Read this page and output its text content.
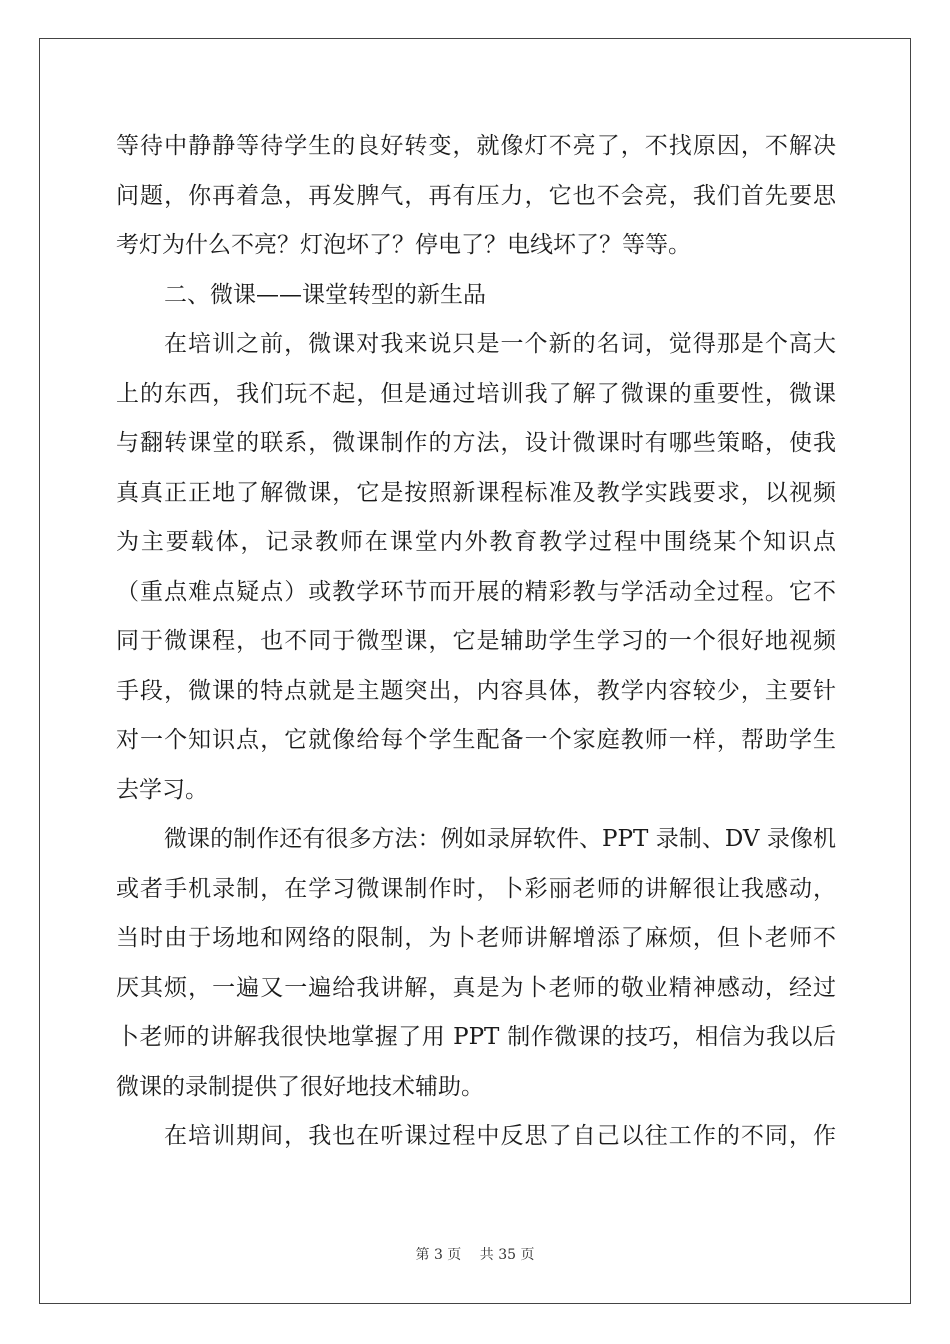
等待中静静等待学生的良好转变，就像灯不亮了，不找原因，不解决
问题，你再着急，再发脾气，再有压力，它也不会亮，我们首先要思
考灯为什么不亮？灯泡坏了？停电了？电线坏了？等等。
二、微课——课堂转型的新生品
在培训之前，微课对我来说只是一个新的名词，觉得那是个高大
上的东西，我们玩不起，但是通过培训我了解了微课的重要性，微课
与翻转课堂的联系，微课制作的方法，设计微课时有哪些策略，使我
真真正正地了解微课，它是按照新课程标准及教学实践要求，以视频
为主要载体，记录教师在课堂内外教育教学过程中围绕某个知识点
（重点难点疑点）或教学环节而开展的精彩教与学活动全过程。它不
同于微课程，也不同于微型课，它是辅助学生学习的一个很好地视频
手段，微课的特点就是主题突出，内容具体，教学内容较少，主要针
对一个知识点，它就像给每个学生配备一个家庭教师一样，帮助学生
去学习。
微课的制作还有很多方法：例如录屏软件、PPT 录制、DV 录像机
或者手机录制，在学习微课制作时，卜彩丽老师的讲解很让我感动，
当时由于场地和网络的限制，为卜老师讲解增添了麻烦，但卜老师不
厌其烦，一遍又一遍给我讲解，真是为卜老师的敬业精神感动，经过
卜老师的讲解我很快地掌握了用 PPT 制作微课的技巧，相信为我以后
微课的录制提供了很好地技术辅助。
在培训期间，我也在听课过程中反思了自己以往工作的不同，作
第 3 页 共 35 页
